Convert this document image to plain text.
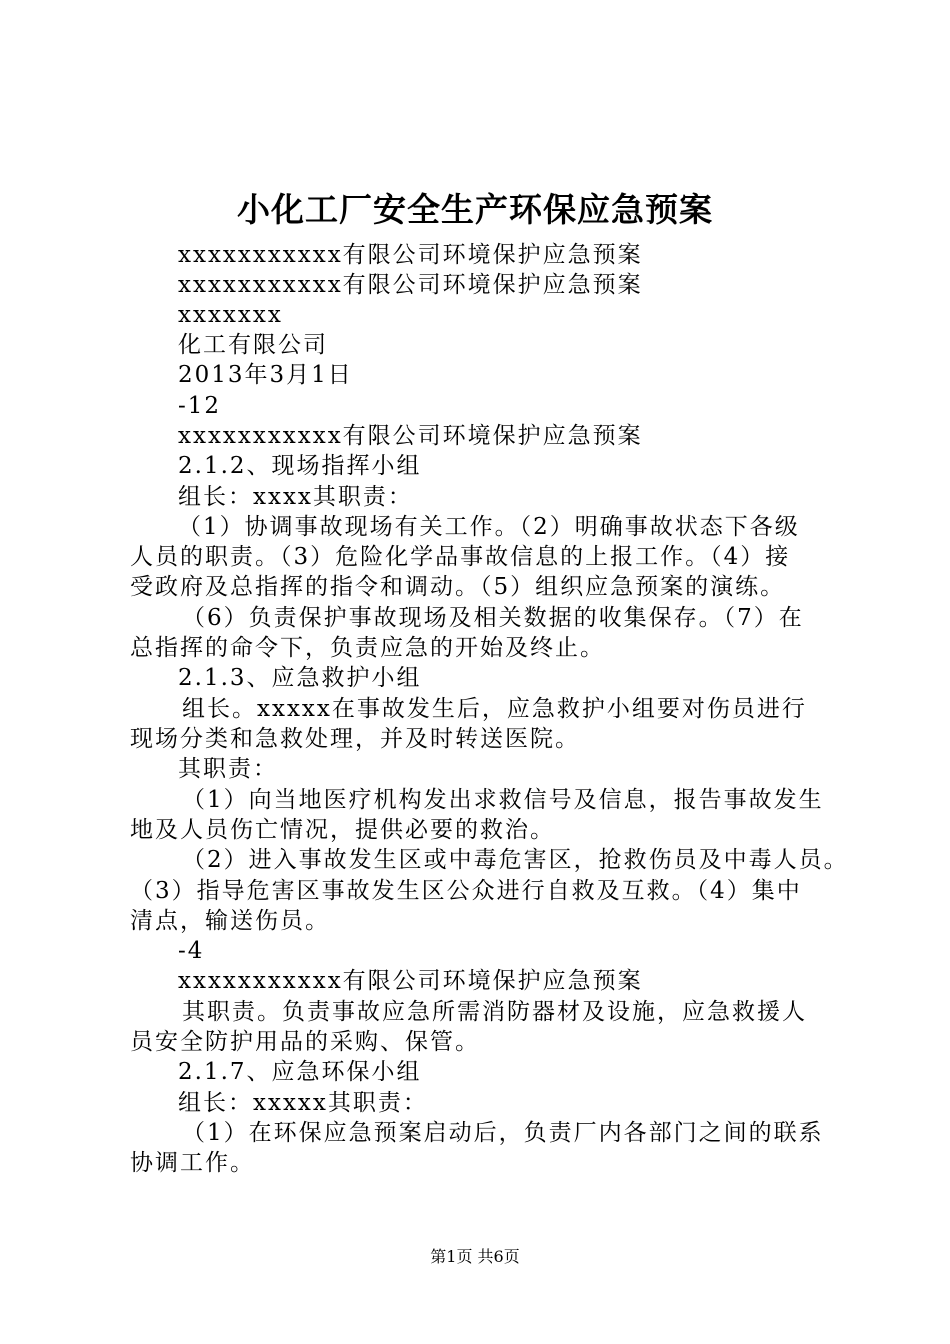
小化工厂安全生产环保应急预案
xxxxxxxxxxx有限公司环境保护应急预案
xxxxxxxxxxx有限公司环境保护应急预案
xxxxxxx
化工有限公司
2013年3月1日
-12
xxxxxxxxxxx有限公司环境保护应急预案
2.1.2、现场指挥小组
组长：xxxx其职责：
（1）协调事故现场有关工作。（2）明确事故状态下各级
人员的职责。（3）危险化学品事故信息的上报工作。（4）接
受政府及总指挥的指令和调动。（5）组织应急预案的演练。
（6）负责保护事故现场及相关数据的收集保存。（7）在
总指挥的命令下，负责应急的开始及终止。
2.1.3、应急救护小组
组长。xxxxx在事故发生后，应急救护小组要对伤员进行
现场分类和急救处理，并及时转送医院。
其职责：
（1）向当地医疗机构发出求救信号及信息，报告事故发生
地及人员伤亡情况，提供必要的救治。
（2）进入事故发生区或中毒危害区，抢救伤员及中毒人员。
（3）指导危害区事故发生区公众进行自救及互救。（4）集中
清点，输送伤员。
-4
xxxxxxxxxxx有限公司环境保护应急预案
其职责。负责事故应急所需消防器材及设施，应急救援人
员安全防护用品的采购、保管。
2.1.7、应急环保小组
组长：xxxxx其职责：
（1）在环保应急预案启动后，负责厂内各部门之间的联系
协调工作。
第1页 共6页
